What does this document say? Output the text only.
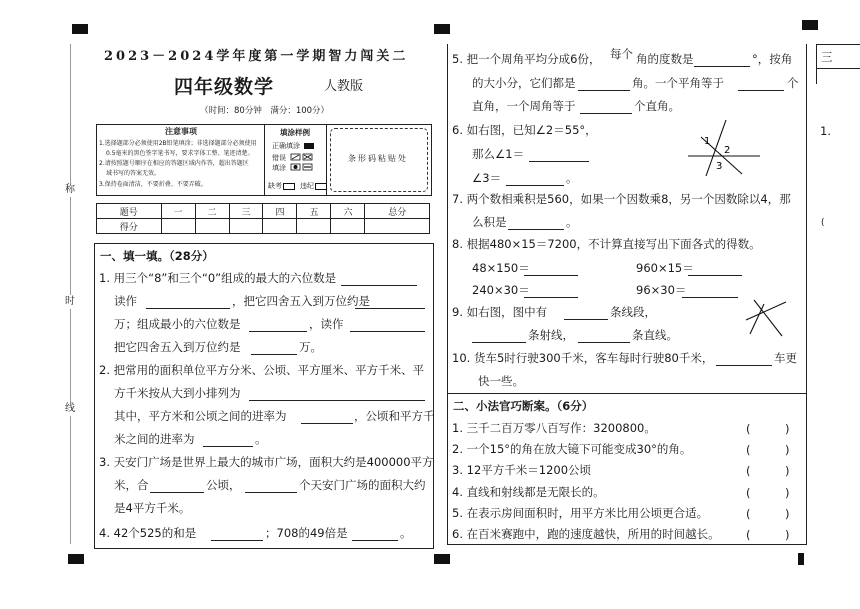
称
时
线
2023－2024学年度第一学期智力闯关二
四年级数学	人教版
（时间：80分钟　满分：100分）
注意事项
1.选择题部分必须使用2B铅笔填涂；非选择题部分必须使用
0.5毫米的黑色签字笔书写，要求字体工整、笔迹清楚。
2.请按照题号顺序在相应的答题区域内作答，超出答题区
域书写的答案无效。
3.保持卷面清洁，不要折叠、不要弄破。
填涂样例
正确填涂
错误
填涂
缺考	违纪
条形码粘贴处
题号	一	二	三	四	五	六	总分
得分							
一、填一填。（28分）
1. 用三个“8”和三个“0”组成的最大的六位数是
读作	，把它四舍五入到万位约是
万；组成最小的六位数是	，读作
把它四舍五入到万位约是	万。
2. 把常用的面积单位平方分米、公顷、平方厘米、平方千米、平
方千米按从大到小排列为
其中，平方米和公顷之间的进率为	，公顷和平方千
米之间的进率为	。
3. 天安门广场是世界上最大的城市广场，面积大约是400000平方
米，合	公顷，	个天安门广场的面积大约
是4平方千米。
4. 42个525的和是	；708的49倍是	。
5. 把一个周角平均分成6份， 每个 角的度数是	°，按角
的大小分，它们都是	角。一个平角等于	个
直角，一个周角等于	个直角。
6. 如右图，已知∠2＝55°，
那么∠1＝
∠3＝	。
1
2
3
7. 两个数相乘积是560，如果一个因数乘8，另一个因数除以4，那
么积是	。
8. 根据480×15＝7200，不计算直接写出下面各式的得数。
48×150＝	960×15＝
240×30＝	96×30＝
9. 如右图，图中有	条线段，
条射线，	条直线。
10. 货车5时行驶300千米，客车每时行驶80千米，	车更
快一些。
二、小法官巧断案。（6分）
1. 三千二百万零八百写作：3200800。	(　　　)
2. 一个15°的角在放大镜下可能变成30°的角。	(　　　)
3. 12平方千米＝1200公顷	(　　　)
4. 直线和射线都是无限长的。	(　　　)
5. 在表示房间面积时，用平方米比用公顷更合适。	(　　　)
6. 在百米赛跑中，跑的速度越快，所用的时间越长。 (　　　)
三
1.
(
